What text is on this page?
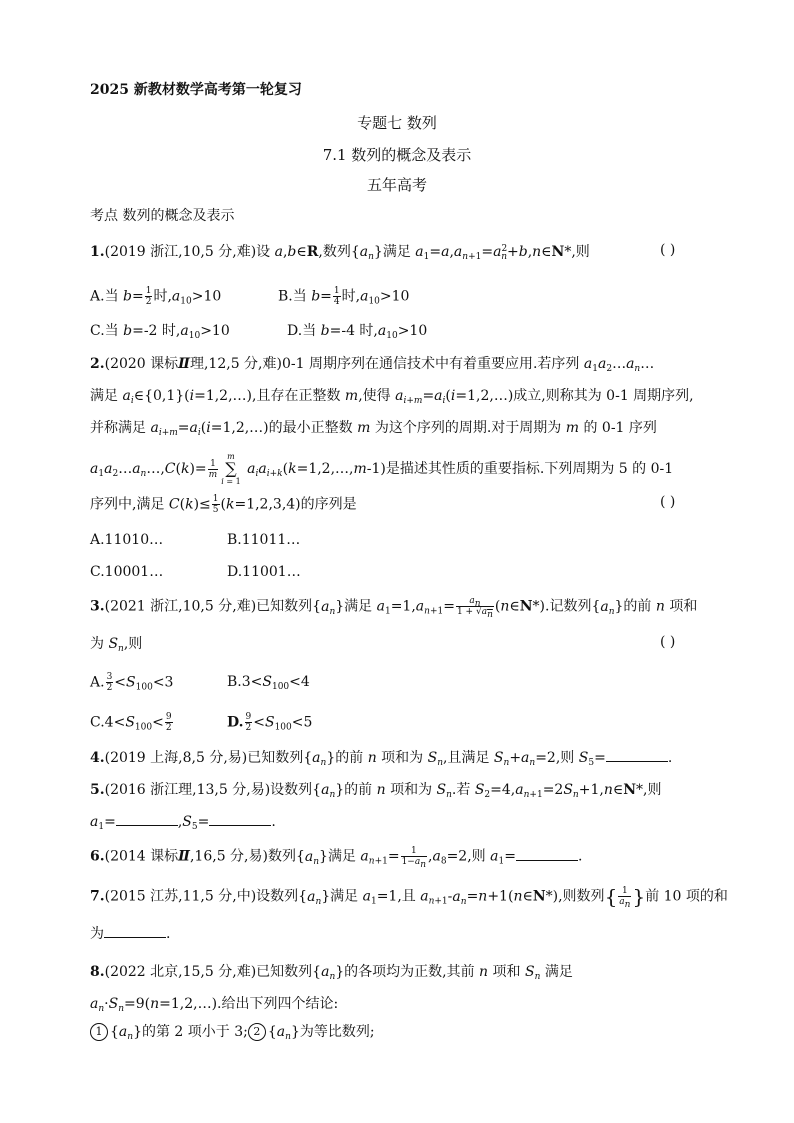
2025 新教材数学高考第一轮复习
专题七 数列
7.1 数列的概念及表示
五年高考
考点 数列的概念及表示
1.(2019 浙江,10,5 分,难)设 a,b∈R,数列$\{a_n\}$满足 $a_1=a,a_{n+1}=a^2_n+b,n\in N*$,则	( )
A.当 $b= \frac{1}{2}$ 时$,a_{10}>10$	B.当 $b= \frac{1}{4}$ 时$,a_{10}>10$
C.当 b=-2 时$,a_{10}>10$	D.当 b=-4 时$,a_{10}>10$
2.(2020 课标Ⅱ理,12,5 分,难)0-1 周期序列在通信技术中有着重要应用.若序列 $a_1a_2\dots a_n\dots$
满足 $a_i\in\{0,1\}(i=1,2,\dots)$,且存在正整数 m,使得 $a_{i+m}=a_i(i=1,2,\dots)$成立,则称其为 0-1 周期序列,
并称满足 $a_{i+m}=a_i(i=1,2,\dots)$的最小正整数 m 为这个序列的周期.对于周期为 m 的 0-1 序列
$a_1a_2\dots a_n\dots,C(k)= \frac{1}{m}$
m
∑
i = 1
$a_ia_{i+k}(k=1,2,\dots,m-1)$是描述其性质的重要指标.下列周期为 5 的 0-1
序列中,满足 $C(k)\le \frac{1}{5} (k=1,2,3,4)$的序列是	( )
A.11010…	B.11011…
C.10001…	D.11001…
3.(2021 浙江,10,5 分,难)已知数列$\{a_n\}$满足 $a_1=1,a_{n+1}= \frac{a_n}{1 + √a_n}$ (n∈N*).记数列$\{a_n\}$的前 n 项和
为 $S_n$,则	( )
A. $\frac{3}{2} <S_{100}<3$	$B.3<S_{100}<4$
$C.4<S_{100}< \frac{9}{2}$	D. $\frac{9}{2} <S_{100}<5$
4.(2019 上海,8,5 分,易)已知数列$\{a_n\}$的前 n 项和为 $S_n$,且满足 $S_n+a_n=2$,则 $S_5=$	.
5.(2016 浙江理,13,5 分,易)设数列$\{a_n\}$的前 n 项和为 $S_n$.若 $S_2=4,a_{n+1}=2S_n+1,n\in N*$,则
$a_1=$	$,S_5=$	.
6.(2014 课标Ⅱ,16,5 分,易)数列$\{a_n\}$满足 $a_{n+1}= \frac{1}{1-a_n} ,a_8=2$,则 $a_1=$	.
7.(2015 江苏,11,5 分,中)设数列$\{a_n\}$满足 $a_1=1$,且 $a_{n+1}-a_n=n+1(n\in N*)$,则数列{ $\frac{1}{a_n}$ }前 10 项的和
为	.
8.(2022 北京,15,5 分,难)已知数列$\{a_n\}$的各项均为正数,其前 n 项和 $S_n$ 满足
$a_n\cdot S_n=9(n=1,2,\dots)$.给出下列四个结论:
1 $\{a_n\}$的第 2 项小于 3; 2 $\{a_n\}$为等比数列;
